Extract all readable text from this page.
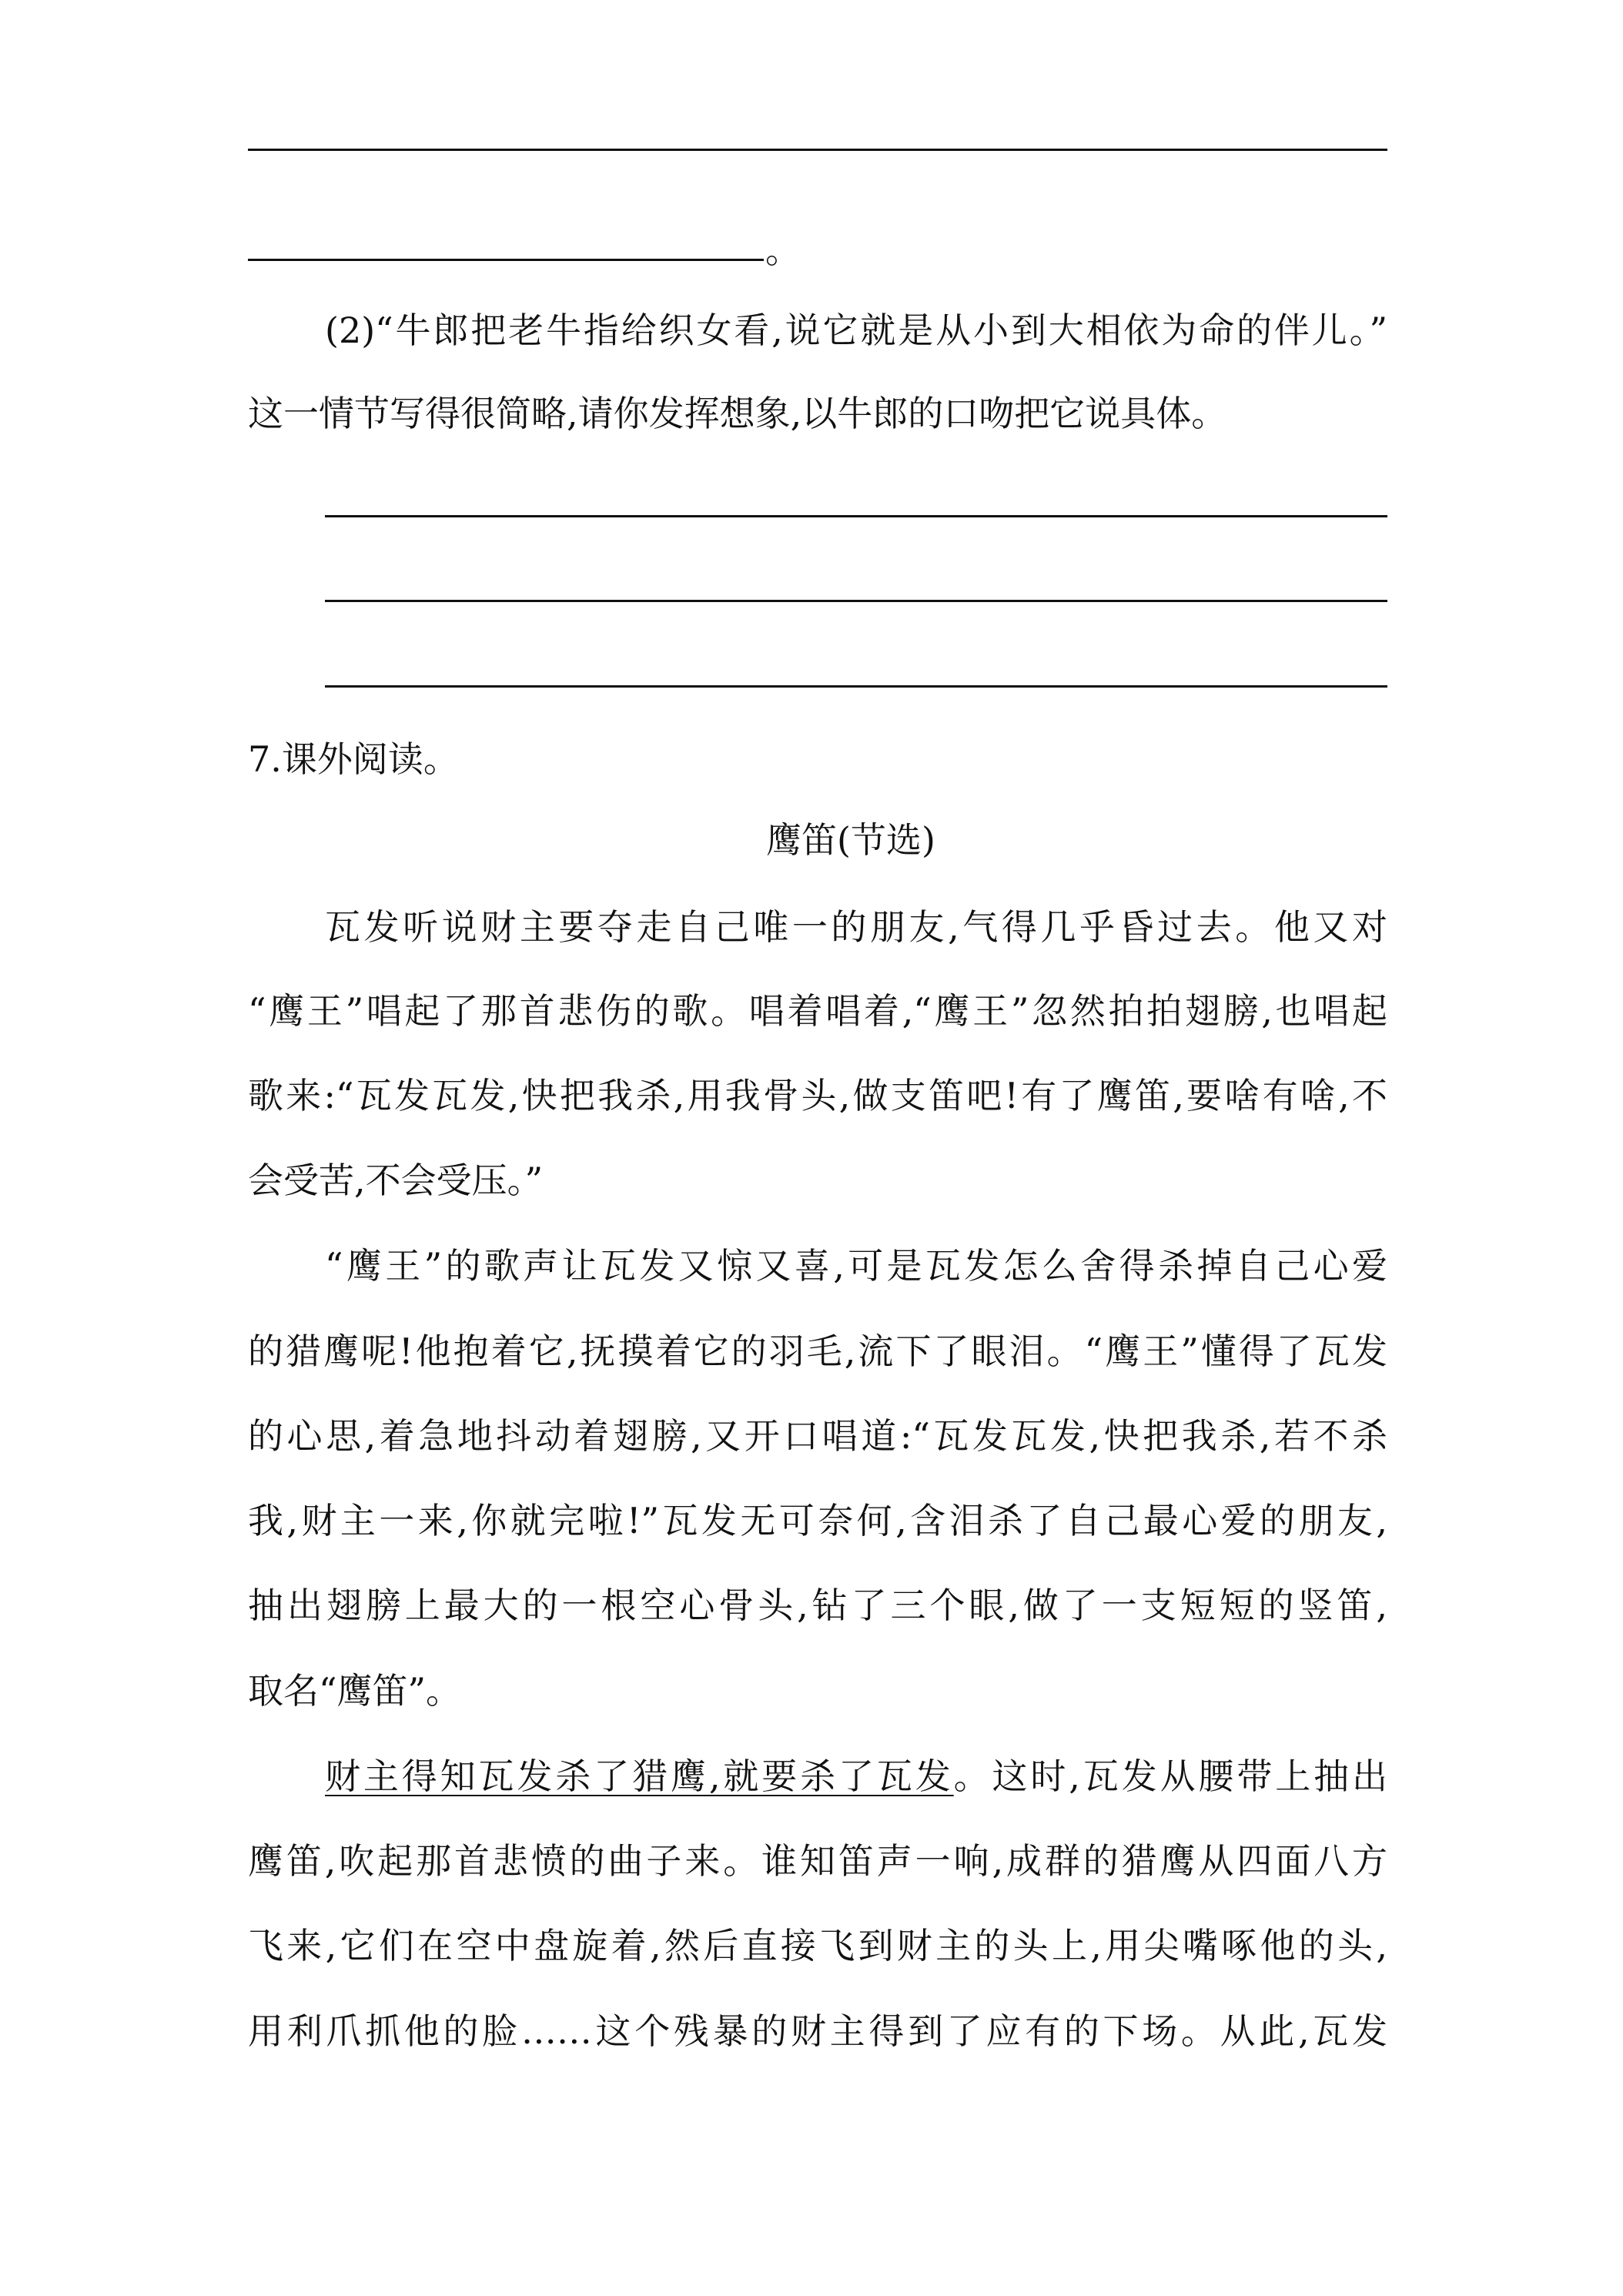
。

(2)“牛郎把老牛指给织女看,说它就是从小到大相依为命的伴儿。”

这一情节写得很简略,请你发挥想象,以牛郎的口吻把它说具体。

7.课外阅读。

鹰笛(节选)

瓦发听说财主要夺走自己唯一的朋友,气得几乎昏过去。他又对

“鹰王”唱起了那首悲伤的歌。唱着唱着,“鹰王”忽然拍拍翅膀,也唱起

歌来:“瓦发瓦发,快把我杀,用我骨头,做支笛吧!有了鹰笛,要啥有啥,不

会受苦,不会受压。”

“鹰王”的歌声让瓦发又惊又喜,可是瓦发怎么舍得杀掉自己心爱

的猎鹰呢!他抱着它,抚摸着它的羽毛,流下了眼泪。“鹰王”懂得了瓦发

的心思,着急地抖动着翅膀,又开口唱道:“瓦发瓦发,快把我杀,若不杀

我,财主一来,你就完啦!”瓦发无可奈何,含泪杀了自己最心爱的朋友,

抽出翅膀上最大的一根空心骨头,钻了三个眼,做了一支短短的竖笛,

取名“鹰笛”。

财主得知瓦发杀了猎鹰,就要杀了瓦发。这时,瓦发从腰带上抽出

鹰笛,吹起那首悲愤的曲子来。谁知笛声一响,成群的猎鹰从四面八方

飞来,它们在空中盘旋着,然后直接飞到财主的头上,用尖嘴啄他的头,

用利爪抓他的脸……这个残暴的财主得到了应有的下场。从此,瓦发
